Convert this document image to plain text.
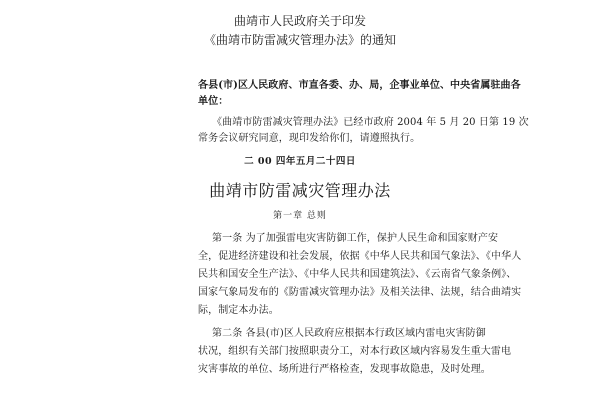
曲靖市人民政府关于印发
《曲靖市防雷减灾管理办法》的通知
各县(市)区人民政府、市直各委、办、局，企事业单位、中央省属驻曲各
单位：
《曲靖市防雷减灾管理办法》已经市政府 2004 年 5 月 20 日第 19 次
常务会议研究同意，现印发给你们，请遵照执行。
二 00 四年五月二十四日
曲靖市防雷减灾管理办法
第一章 总则
第一条 为了加强雷电灾害防御工作，保护人民生命和国家财产安
全，促进经济建设和社会发展，依据《中华人民共和国气象法》、《中华人
民共和国安全生产法》、《中华人民共和国建筑法》、《云南省气象条例》、
国家气象局发布的《防雷减灾管理办法》及相关法律、法规，结合曲靖实
际，制定本办法。
第二条 各县(市)区人民政府应根据本行政区域内雷电灾害防御
状况，组织有关部门按照职责分工，对本行政区域内容易发生重大雷电
灾害事故的单位、场所进行严格检查，发现事故隐患，及时处理。
